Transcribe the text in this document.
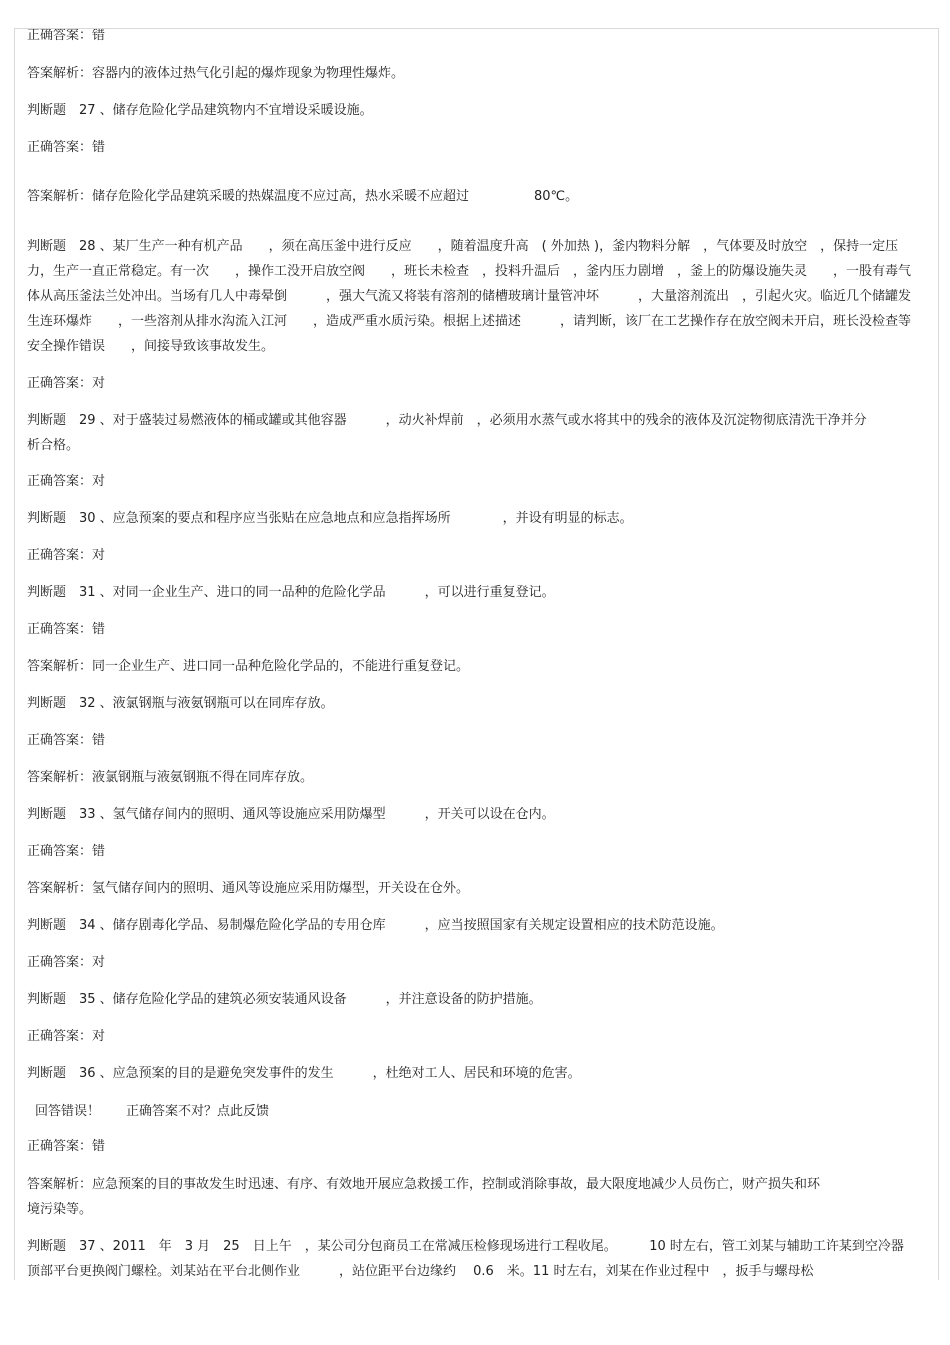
正确答案：错
答案解析：容器内的液体过热气化引起的爆炸现象为物理性爆炸。
判断题　27 、储存危险化学品建筑物内不宜增设采暖设施。
正确答案：错
答案解析：储存危险化学品建筑采暖的热媒温度不应过高，热水采暖不应超过　　　　　80℃。
判断题　28 、某厂生产一种有机产品　　，须在高压釜中进行反应　　，随着温度升高　( 外加热 )，釜内物料分解　，气体要及时放空　，保持一定压力，生产一直正常稳定。有一次　　，操作工没开启放空阀　　，班长未检查　，投料升温后　，釜内压力剧增　，釜上的防爆设施失灵　　，一股有毒气体从高压釜法兰处冲出。当场有几人中毒晕倒　　　，强大气流又将装有溶剂的储槽玻璃计量管冲坏　　　，大量溶剂流出　，引起火灾。临近几个储罐发生连环爆炸　　，一些溶剂从排水沟流入江河　　，造成严重水质污染。根据上述描述　　　，请判断，该厂在工艺操作存在放空阀未开启，班长没检查等安全操作错误　　，间接导致该事故发生。
正确答案：对
判断题　29 、对于盛装过易燃液体的桶或罐或其他容器　　　，动火补焊前　，必须用水蒸气或水将其中的残余的液体及沉淀物彻底清洗干净并分析合格。
正确答案：对
判断题　30 、应急预案的要点和程序应当张贴在应急地点和应急指挥场所　　　　，并设有明显的标志。
正确答案：对
判断题　31 、对同一企业生产、进口的同一品种的危险化学品　　　，可以进行重复登记。
正确答案：错
答案解析：同一企业生产、进口同一品种危险化学品的，不能进行重复登记。
判断题　32 、液氯钢瓶与液氨钢瓶可以在同库存放。
正确答案：错
答案解析：液氯钢瓶与液氨钢瓶不得在同库存放。
判断题　33 、氢气储存间内的照明、通风等设施应采用防爆型　　　，开关可以设在仓内。
正确答案：错
答案解析：氢气储存间内的照明、通风等设施应采用防爆型，开关设在仓外。
判断题　34 、储存剧毒化学品、易制爆危险化学品的专用仓库　　　，应当按照国家有关规定设置相应的技术防范设施。
正确答案：对
判断题　35 、储存危险化学品的建筑必须安装通风设备　　　，并注意设备的防护措施。
正确答案：对
判断题　36 、应急预案的目的是避免突发事件的发生　　　，杜绝对工人、居民和环境的危害。
回答错误！　　正确答案不对？点此反馈
正确答案：错
答案解析：应急预案的目的事故发生时迅速、有序、有效地开展应急救援工作，控制或消除事故，最大限度地减少人员伤亡，财产损失和环境污染等。
判断题　37 、2011　年　3 月　25　日上午　，某公司分包商员工在常减压检修现场进行工程收尾。　　　10 时左右，管工刘某与辅助工许某到空冷器顶部平台更换阀门螺栓。刘某站在平台北侧作业　　　，站位距平台边缘约　 0.6　米。11 时左右，刘某在作业过程中　，扳手与螺母松
